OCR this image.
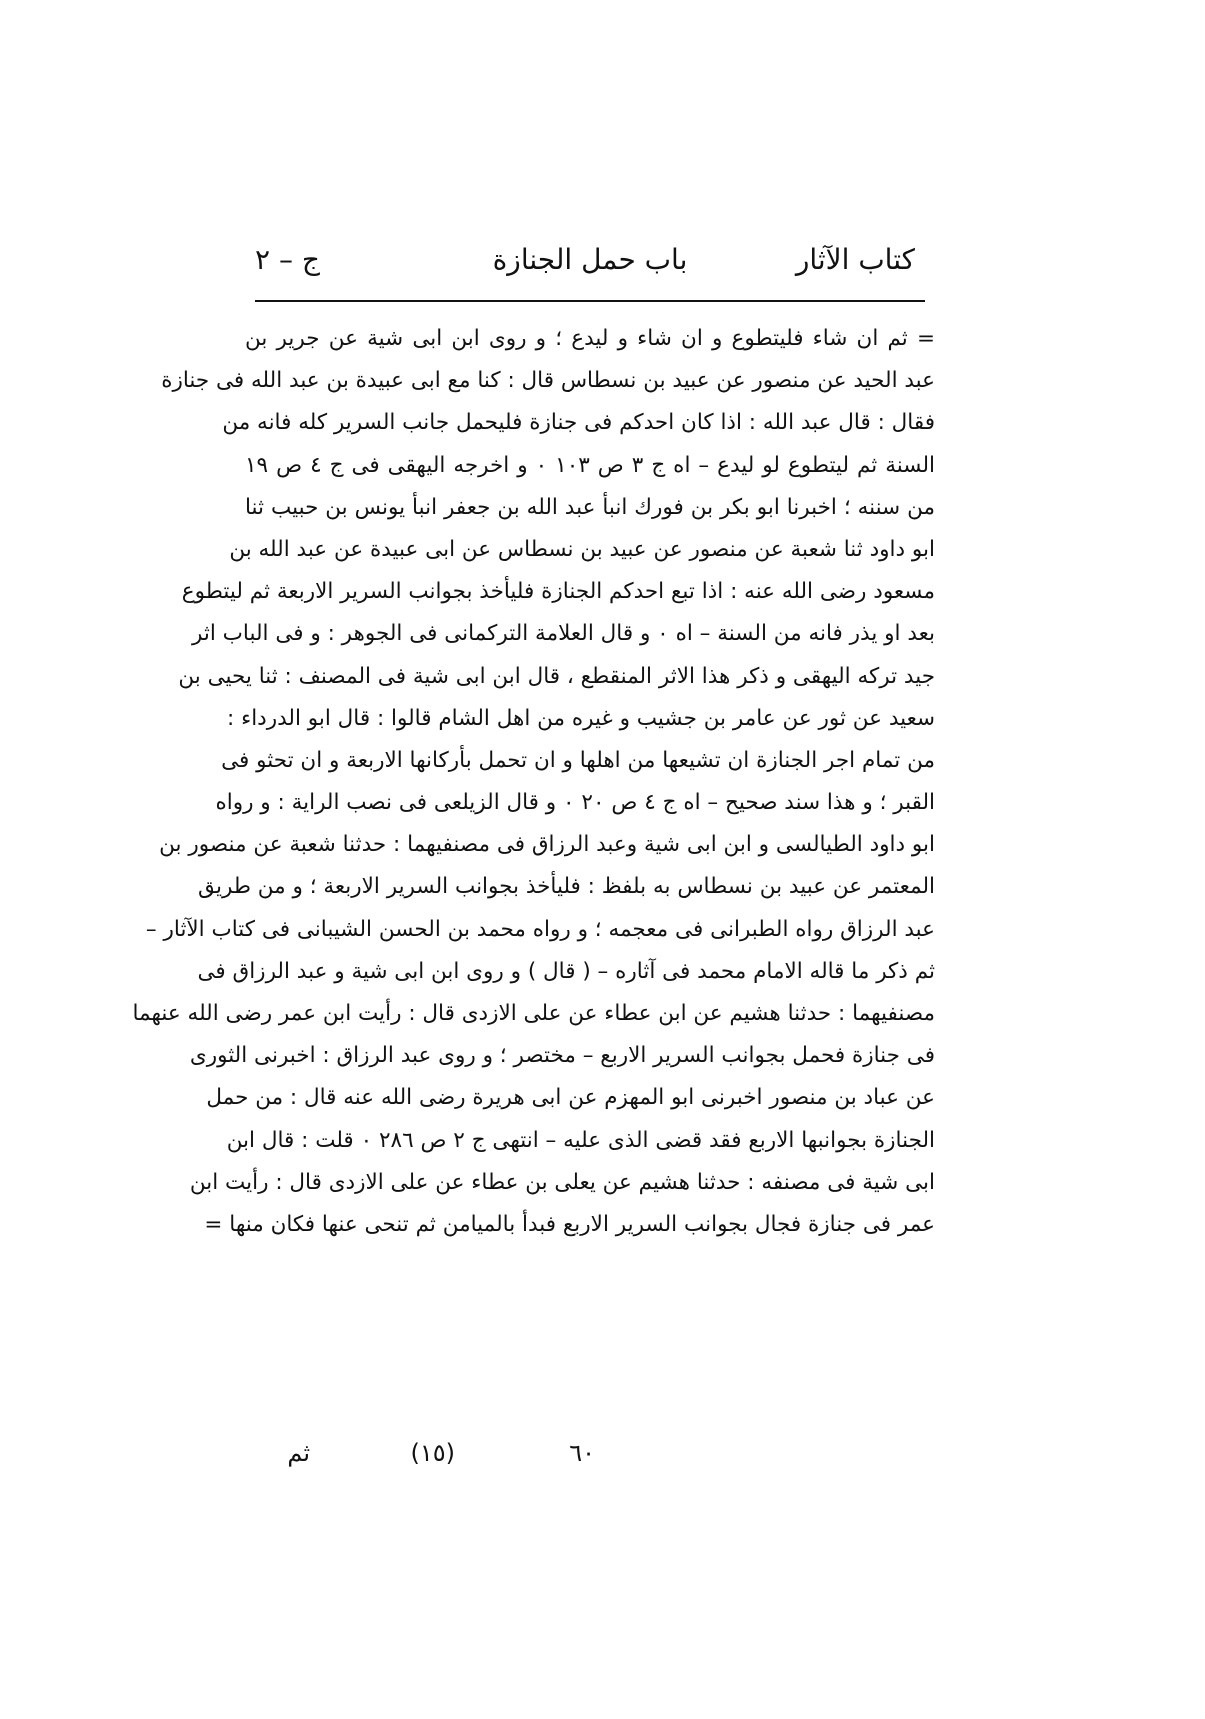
كتاب الآثار
باب حمل الجنازة
ج – ٢
= ثم ان شاء فليتطوع و ان شاء و ليدع ؛ و روى ابن ابى شية عن جرير بن
عبد الحيد عن منصور عن عبيد بن نسطاس قال : كنا مع ابى عبيدة بن عبد الله فى جنازة
فقال : قال عبد الله : اذا كان احدكم فى جنازة فليحمل جانب السرير كله فانه من
السنة ثم ليتطوع لو ليدع – اه ج ٣ ص ١٠٣ ٠ و اخرجه اليهقى فى ج ٤ ص ١٩
من سننه ؛ اخبرنا ابو بكر بن فورك انبأ عبد الله بن جعفر انبأ يونس بن حبيب ثنا
ابو داود ثنا شعبة عن منصور عن عبيد بن نسطاس عن ابى عبيدة عن عبد الله بن
مسعود رضى الله عنه : اذا تبع احدكم الجنازة فليأخذ بجوانب السرير الاربعة ثم ليتطوع
بعد او يذر فانه من السنة – اه ٠ و قال العلامة التركمانى فى الجوهر : و فى الباب اثر
جيد تركه اليهقى و ذكر هذا الاثر المنقطع ، قال ابن ابى شية فى المصنف : ثنا يحيى بن
سعيد عن ثور عن عامر بن جشيب و غيره من اهل الشام قالوا : قال ابو الدرداء :
من تمام اجر الجنازة ان تشيعها من اهلها و ان تحمل بأركانها الاربعة و ان تحثو فى
القبر ؛ و هذا سند صحيح – اه ج ٤ ص ٢٠ ٠ و قال الزيلعى فى نصب الراية : و رواه
ابو داود الطيالسى و ابن ابى شية وعبد الرزاق فى مصنفيهما : حدثنا شعبة عن منصور بن
المعتمر عن عبيد بن نسطاس به بلفظ : فليأخذ بجوانب السرير الاربعة ؛ و من طريق
عبد الرزاق رواه الطبرانى فى معجمه ؛ و رواه محمد بن الحسن الشيبانى فى كتاب الآثار –
ثم ذكر ما قاله الامام محمد فى آثاره – ( قال ) و روى ابن ابى شية و عبد الرزاق فى
مصنفيهما : حدثنا هشيم عن ابن عطاء عن على الازدى قال : رأيت ابن عمر رضى الله عنهما
فى جنازة فحمل بجوانب السرير الاربع – مختصر ؛ و روى عبد الرزاق : اخبرنى الثورى
عن عباد بن منصور اخبرنى ابو المهزم عن ابى هريرة رضى الله عنه قال : من حمل
الجنازة بجوانبها الاربع فقد قضى الذى عليه – انتهى ج ٢ ص ٢٨٦ ٠ قلت : قال ابن
ابى شية فى مصنفه : حدثنا هشيم عن يعلى بن عطاء عن على الازدى قال : رأيت ابن
عمر فى جنازة فجال بجوانب السرير الاربع فبدأ بالميامن ثم تنحى عنها فكان منها =
٦٠
(١٥)
ثم
